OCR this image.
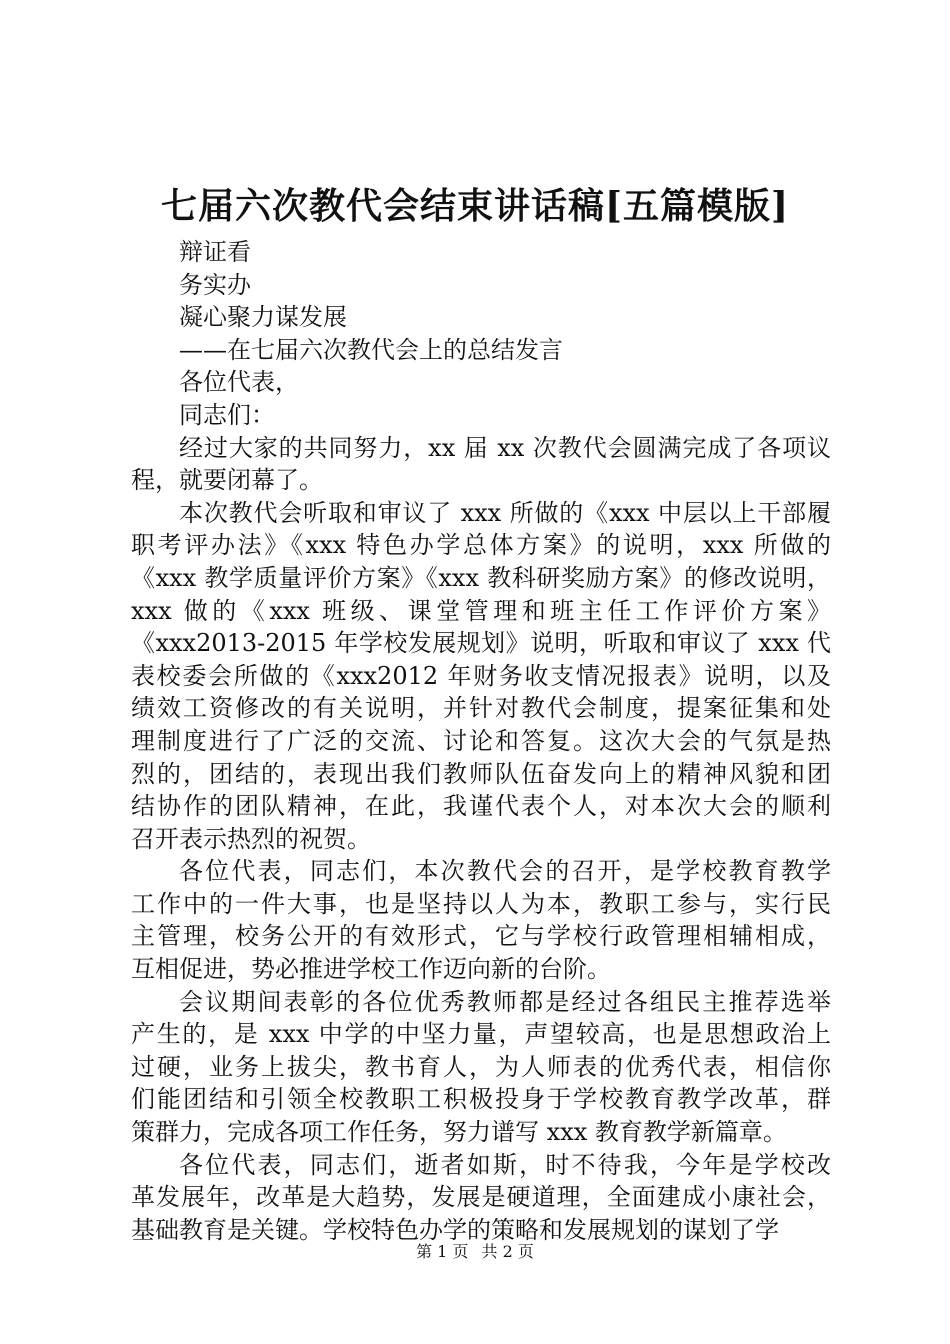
七届六次教代会结束讲话稿[五篇模版]
辩证看
务实办
凝心聚力谋发展
——在七届六次教代会上的总结发言
各位代表，
同志们：
经过大家的共同努力，xx 届 xx 次教代会圆满完成了各项议
程，就要闭幕了。
本次教代会听取和审议了 xxx 所做的《xxx 中层以上干部履
职考评办法》《xxx 特色办学总体方案》的说明，xxx 所做的
《xxx 教学质量评价方案》《xxx 教科研奖励方案》的修改说明，
xxx 做的《xxx 班级、课堂管理和班主任工作评价方案》
《xxx2013-2015 年学校发展规划》说明，听取和审议了 xxx 代
表校委会所做的《xxx2012 年财务收支情况报表》说明，以及
绩效工资修改的有关说明，并针对教代会制度，提案征集和处
理制度进行了广泛的交流、讨论和答复。这次大会的气氛是热
烈的，团结的，表现出我们教师队伍奋发向上的精神风貌和团
结协作的团队精神，在此，我谨代表个人，对本次大会的顺利
召开表示热烈的祝贺。
各位代表，同志们，本次教代会的召开，是学校教育教学
工作中的一件大事，也是坚持以人为本，教职工参与，实行民
主管理，校务公开的有效形式，它与学校行政管理相辅相成，
互相促进，势必推进学校工作迈向新的台阶。
会议期间表彰的各位优秀教师都是经过各组民主推荐选举
产生的，是 xxx 中学的中坚力量，声望较高，也是思想政治上
过硬，业务上拔尖，教书育人，为人师表的优秀代表，相信你
们能团结和引领全校教职工积极投身于学校教育教学改革，群
策群力，完成各项工作任务，努力谱写 xxx 教育教学新篇章。
各位代表，同志们，逝者如斯，时不待我，今年是学校改
革发展年，改革是大趋势，发展是硬道理，全面建成小康社会，
基础教育是关键。学校特色办学的策略和发展规划的谋划了学
第 1 页 共 2 页
